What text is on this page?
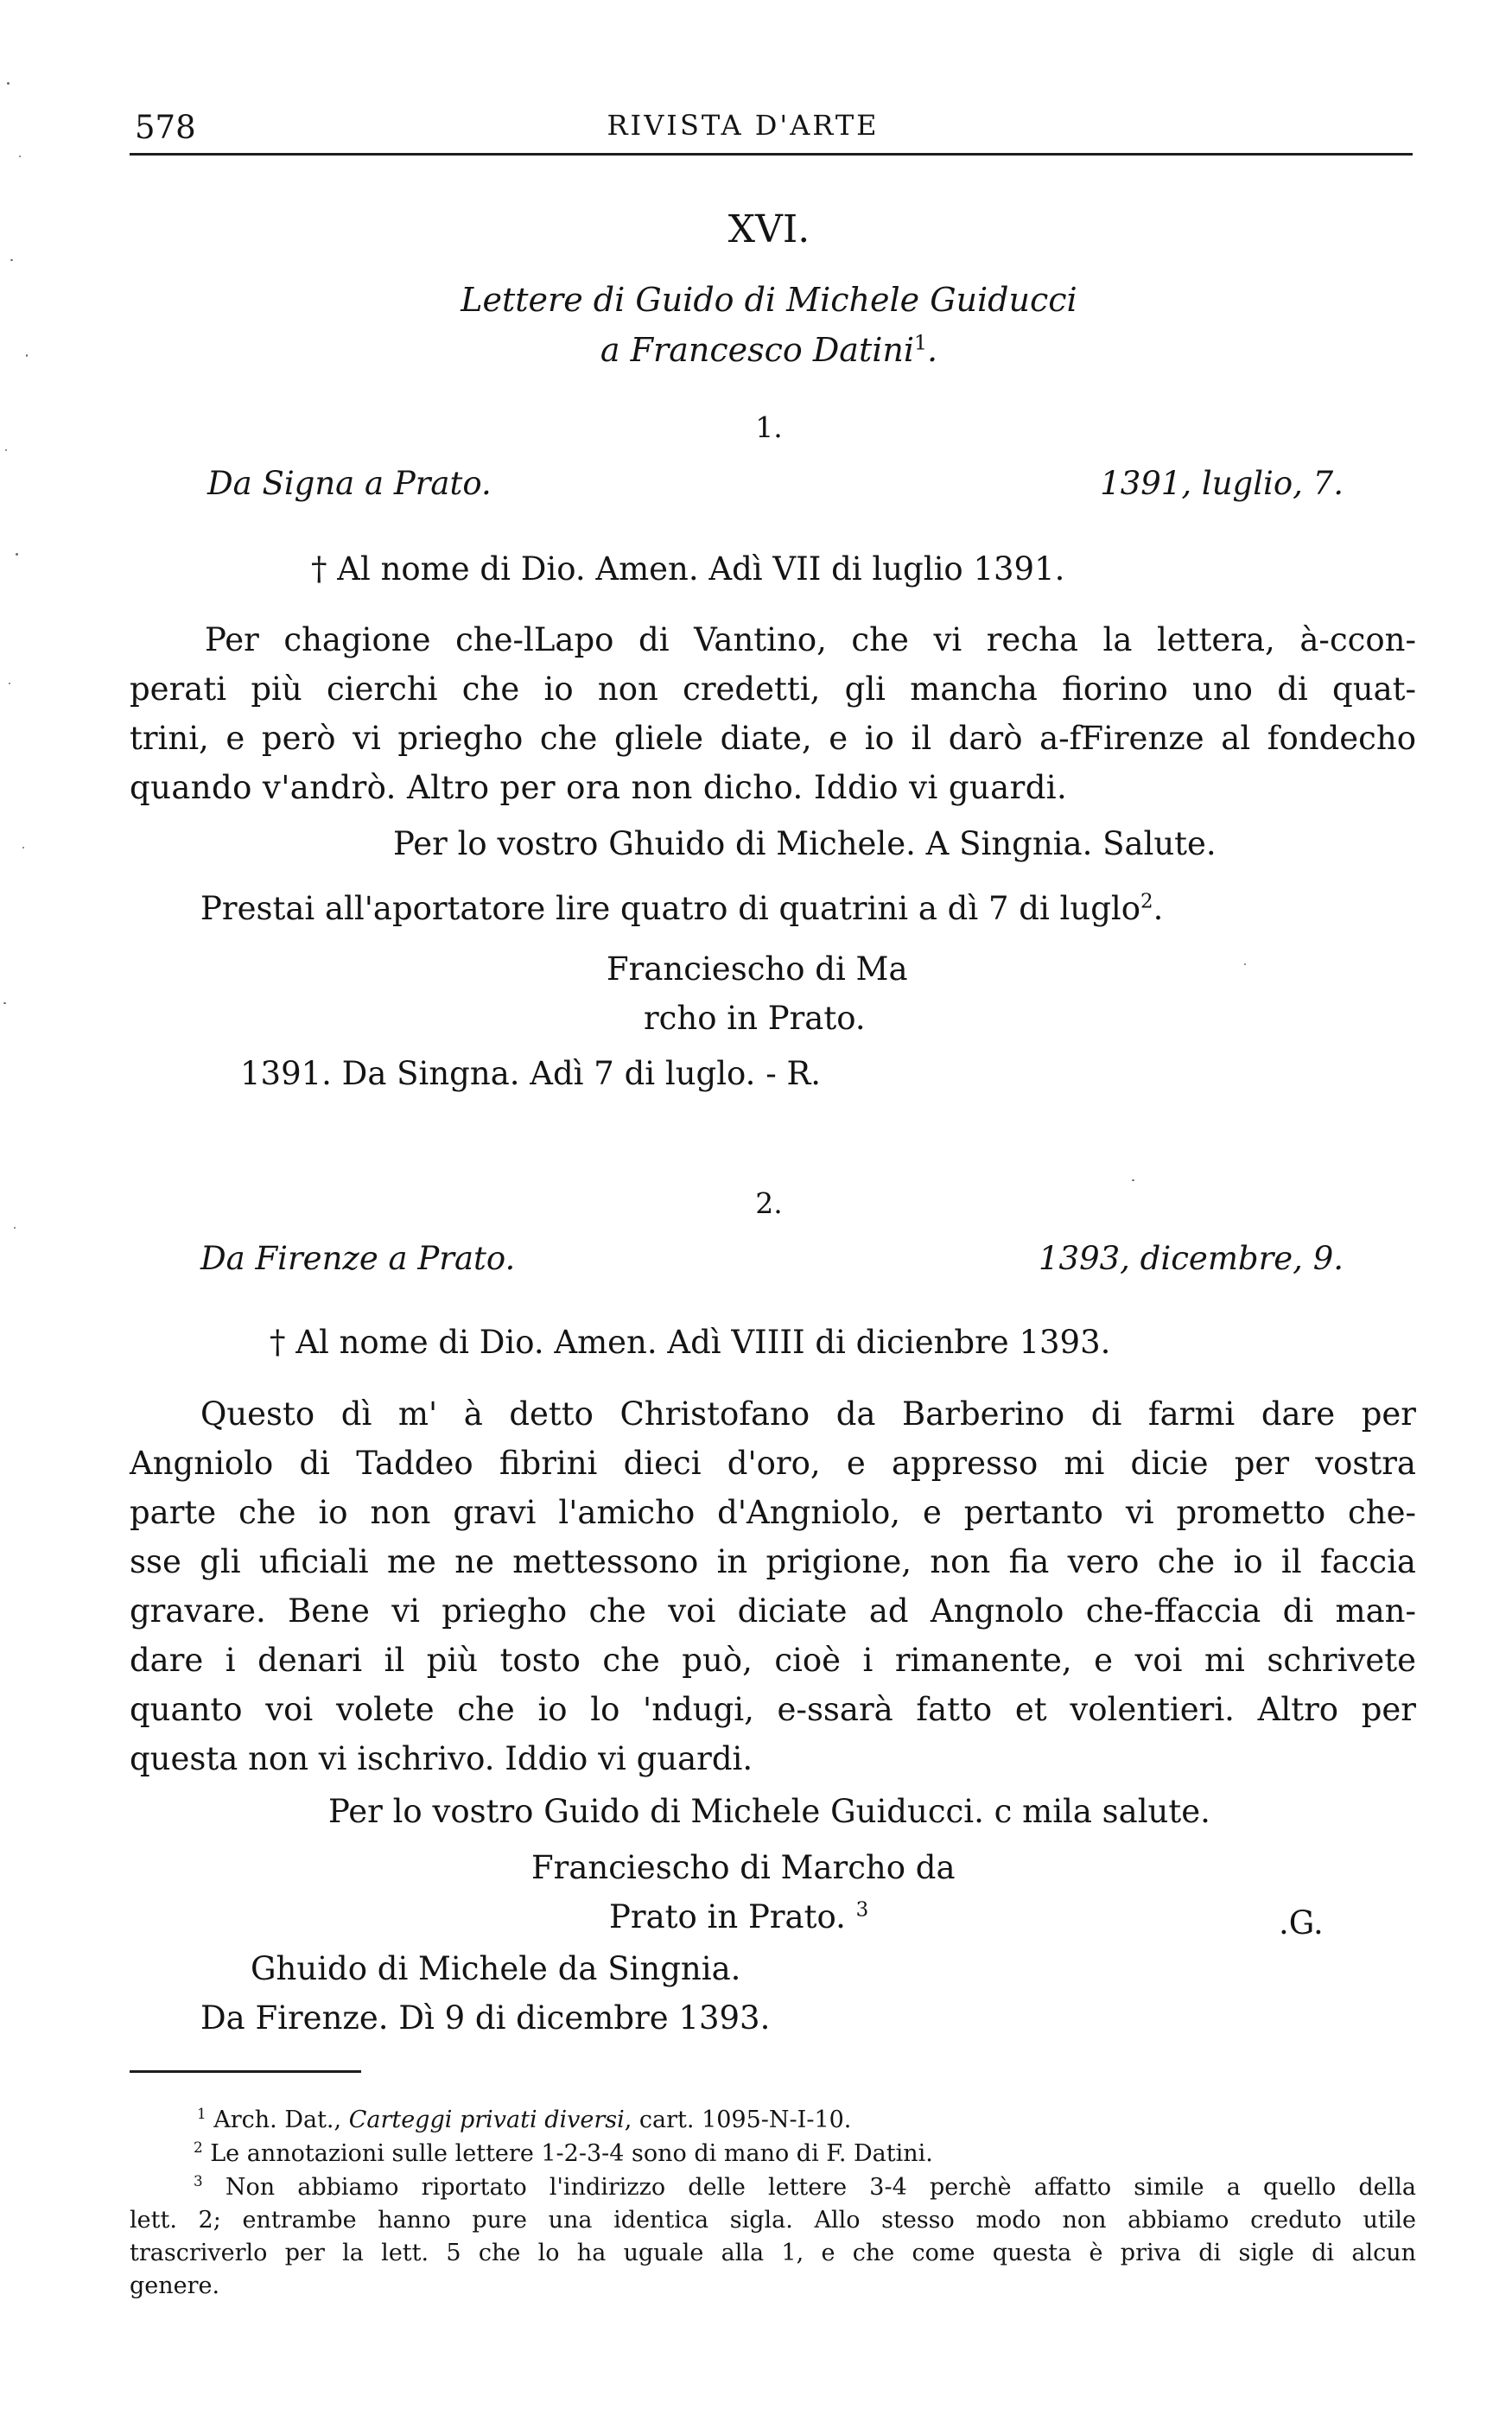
578	RIVISTA D'ARTE
XVI.
Lettere di Guido di Michele Guiducci
a Francesco Datini$^1$.
1.
Da Signa a Prato.	1391, luglio, 7.
† Al nome di Dio. Amen. Adì VII di luglio 1391.
Per chagione che-lLapo di Vantino, che vi recha la lettera, à-ccon-
perati più cierchi che io non credetti, gli mancha fiorino uno di quat-
trini, e però vi priegho che gliele diate, e io il darò a-fFirenze al fondecho
quando v'andrò. Altro per ora non dicho. Iddio vi guardi.
Per lo vostro Ghuido di Michele. A Singnia. Salute.
Prestai all'aportatore lire quatro di quatrini a dì 7 di luglo$^2$.
Franciescho di Ma
rcho in Prato.
1391. Da Singna. Adì 7 di luglo. - R.
2.
Da Firenze a Prato.	1393, dicembre, 9.
† Al nome di Dio. Amen. Adì VIIII di dicienbre 1393.
Questo dì m' à detto Christofano da Barberino di farmi dare per
Angniolo di Taddeo fibrini dieci d'oro, e appresso mi dicie per vostra
parte che io non gravi l'amicho d'Angniolo, e pertanto vi prometto che-
sse gli uficiali me ne mettessono in prigione, non fia vero che io il faccia
gravare. Bene vi priegho che voi diciate ad Angnolo che-ffaccia di man-
dare i denari il più tosto che può, cioè i rimanente, e voi mi schrivete
quanto voi volete che io lo 'ndugi, e-ssarà fatto et volentieri. Altro per
questa non vi ischrivo. Iddio vi guardi.
Per lo vostro Guido di Michele Guiducci. c mila salute.
Franciescho di Marcho da
Prato in Prato. $^3$	.G.
Ghuido di Michele da Singnia.
Da Firenze. Dì 9 di dicembre 1393.
$^1$ Arch. Dat., Carteggi privati diversi, cart. 1095-N-I-10.
$^2$ Le annotazioni sulle lettere 1-2-3-4 sono di mano di F. Datini.
$^3$ Non abbiamo riportato l'indirizzo delle lettere 3-4 perchè affatto simile a quello della
lett. 2; entrambe hanno pure una identica sigla. Allo stesso modo non abbiamo creduto utile
trascriverlo per la lett. 5 che lo ha uguale alla 1, e che come questa è priva di sigle di alcun
genere.
